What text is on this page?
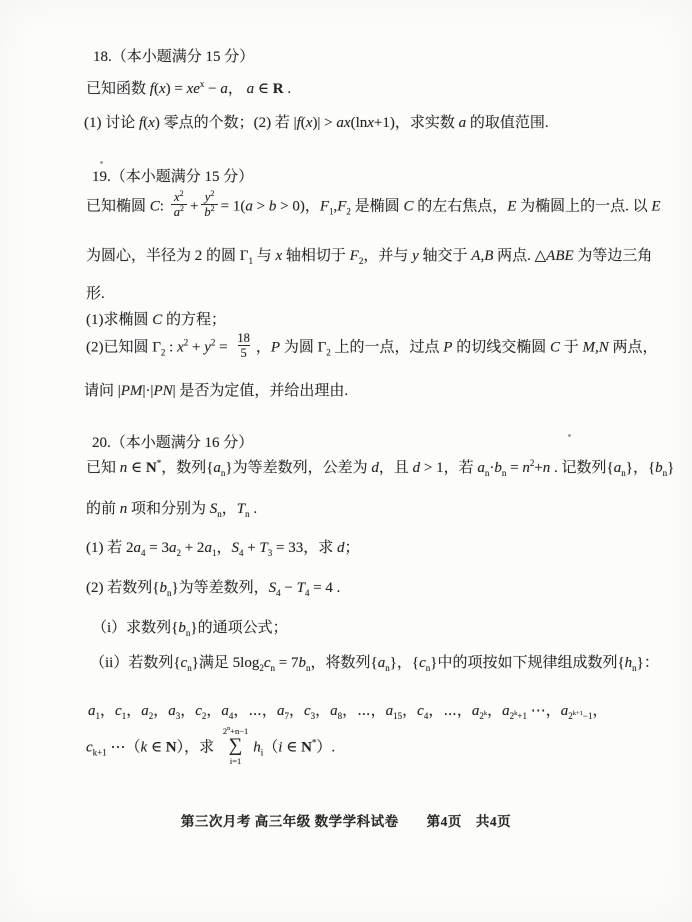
18.（本小题满分 15 分）
已知函数 $f(x) = xe^x - a$， a ∈ R .
(1) 讨论 f(x) 零点的个数；(2) 若 |f(x)| > ax(lnx+1)，求实数 a 的取值范围.
19.（本小题满分 15 分）
已知椭圆 C: $\frac{x^2}{a^2} + \frac{y^2}{b^2} = 1(a > b > 0)$，$F_1,F_2$ 是椭圆 C 的左右焦点，E 为椭圆上的一点. 以 E
为圆心，半径为 2 的圆 $\Gamma_1$ 与 x 轴相切于 $F_2$，并与 y 轴交于 A,B 两点. △ABE 为等边三角
形.
(1)求椭圆 C 的方程；
(2)已知圆 $\Gamma_2$ : $x^2 + y^2 = \frac{18}{5}$ ，P 为圆 $\Gamma_2$ 上的一点，过点 P 的切线交椭圆 C 于 M,N 两点，
请问 |PM|·|PN| 是否为定值，并给出理由.
20.（本小题满分 16 分）
已知 n ∈ N*，数列$\{a_n\}$为等差数列，公差为 d，且 d > 1，若 $a_n\cdot b_n = n^2+n$ . 记数列$\{a_n\}$，$\{b_n\}$
的前 n 项和分别为 $S_n$，$T_n$ .
(1) 若 $2a_4 = 3a_2 + 2a_1$，$S_4 + T_3 = 33$，求 d；
(2) 若数列$\{b_n\}$为等差数列，$S_4 - T_4 = 4$ .
（i）求数列$\{b_n\}$的通项公式；
（ii）若数列$\{c_n\}$满足 $5\log_2c_n = 7b_n$，将数列$\{a_n\}$，$\{c_n\}$中的项按如下规律组成数列$\{h_n\}$：
$a_1$，$c_1$，$a_2$，$a_3$，$c_2$，$a_4$，⋯，$a_7$，$c_3$，$a_8$，⋯，$a_{15}$，$c_4$，⋯，$a_{2^k}$，$a_{2^k+1}$ ⋯，$a_{2^{k+1}-1}$，
$c_{k+1}$ ⋯（k ∈ N），求
$2^n+n-1$
∑
i=1
$h_i(i$ ∈ N*）.
第三次月考 高三年级 数学学科试卷　　第4页　共4页
